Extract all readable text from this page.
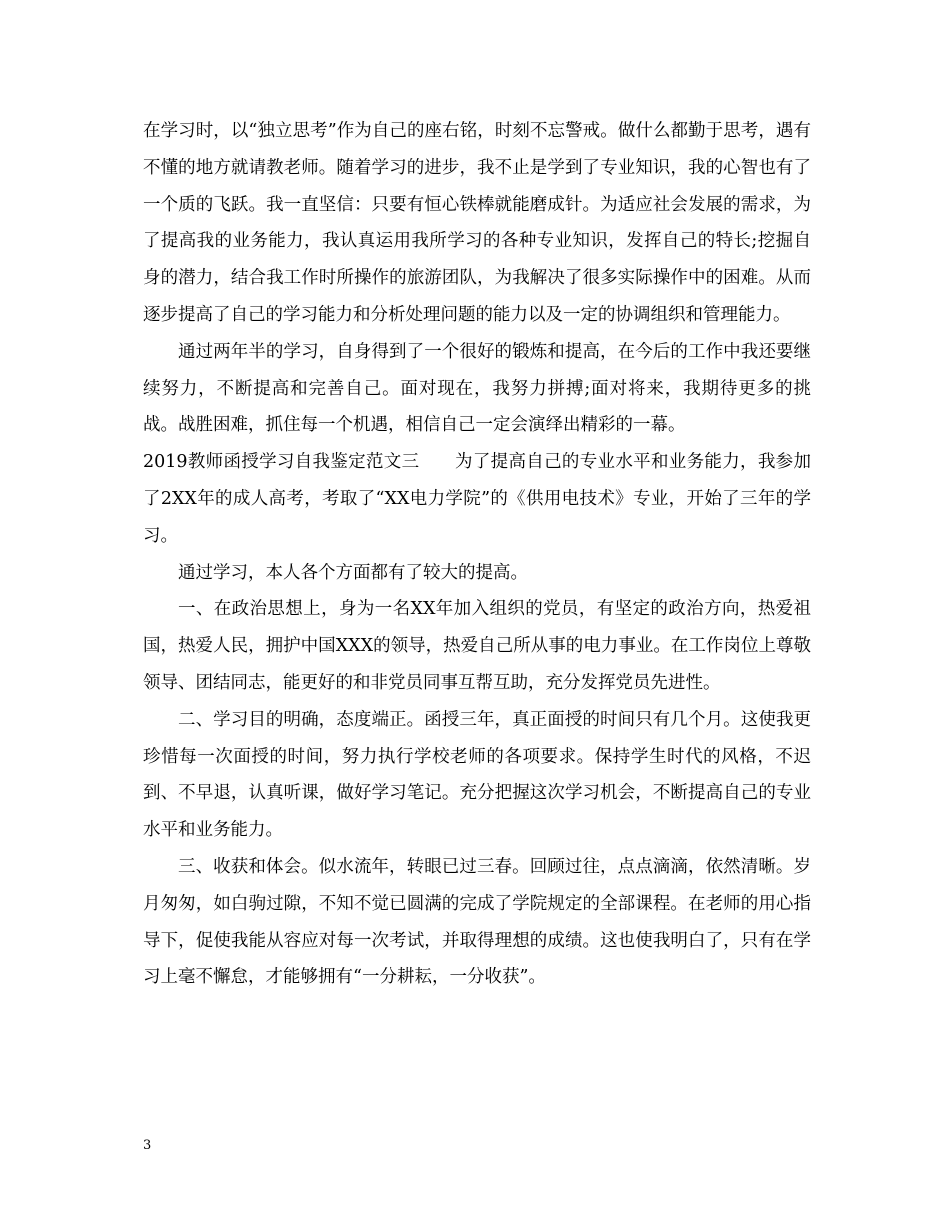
在学习时，以“独立思考”作为自己的座右铭，时刻不忘警戒。做什么都勤于思考，遇有不懂的地方就请教老师。随着学习的进步，我不止是学到了专业知识，我的心智也有了一个质的飞跃。我一直坚信：只要有恒心铁棒就能磨成针。为适应社会发展的需求，为了提高我的业务能力，我认真运用我所学习的各种专业知识，发挥自己的特长;挖掘自身的潜力，结合我工作时所操作的旅游团队，为我解决了很多实际操作中的困难。从而逐步提高了自己的学习能力和分析处理问题的能力以及一定的协调组织和管理能力。

通过两年半的学习，自身得到了一个很好的锻炼和提高，在今后的工作中我还要继续努力，不断提高和完善自己。面对现在，我努力拼搏;面对将来，我期待更多的挑战。战胜困难，抓住每一个机遇，相信自己一定会演绎出精彩的一幕。

2019教师函授学习自我鉴定范文三　　为了提高自己的专业水平和业务能力，我参加了2XX年的成人高考，考取了“XX电力学院”的《供用电技术》专业，开始了三年的学习。

通过学习，本人各个方面都有了较大的提高。

一、在政治思想上，身为一名XX年加入组织的党员，有坚定的政治方向，热爱祖国，热爱人民，拥护中国XXX的领导，热爱自己所从事的电力事业。在工作岗位上尊敬领导、团结同志，能更好的和非党员同事互帮互助，充分发挥党员先进性。

二、学习目的明确，态度端正。函授三年，真正面授的时间只有几个月。这使我更珍惜每一次面授的时间，努力执行学校老师的各项要求。保持学生时代的风格，不迟到、不早退，认真听课，做好学习笔记。充分把握这次学习机会，不断提高自己的专业水平和业务能力。

三、收获和体会。似水流年，转眼已过三春。回顾过往，点点滴滴，依然清晰。岁月匆匆，如白驹过隙，不知不觉已圆满的完成了学院规定的全部课程。在老师的用心指导下，促使我能从容应对每一次考试，并取得理想的成绩。这也使我明白了，只有在学习上毫不懈怠，才能够拥有“一分耕耘，一分收获”。

3
